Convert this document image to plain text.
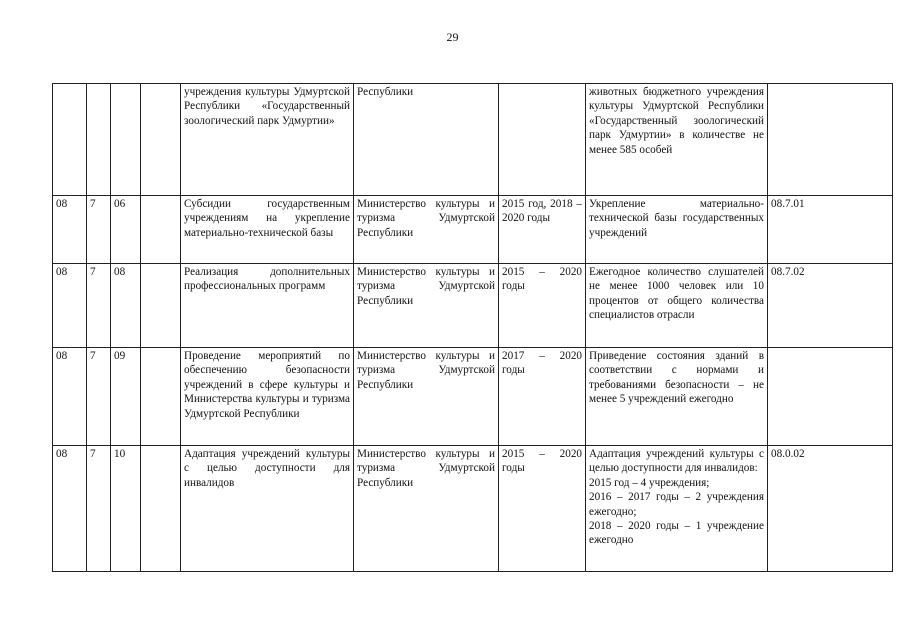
29
				учреждения культуры Удмуртской Республики «Государственный зоологический парк Удмуртии»	Республики		животных бюджетного учреждения культуры Удмуртской Республики «Государственный зоологический парк Удмуртии» в количестве не менее 585 особей	
08	7	06		Субсидии государственным учреждениям на укрепление материально-технической базы	Министерство культуры и туризма Удмуртской Республики	2015 год, 2018 – 2020 годы	Укрепление материально-технической базы государственных учреждений	08.7.01
08	7	08		Реализация дополнительных профессиональных программ	Министерство культуры и туризма Удмуртской Республики	2015 – 2020 годы	Ежегодное количество слушателей не менее 1000 человек или 10 процентов от общего количества специалистов отрасли	08.7.02
08	7	09		Проведение мероприятий по обеспечению безопасности учреждений в сфере культуры и Министерства культуры и туризма Удмуртской Республики	Министерство культуры и туризма Удмуртской Республики	2017 – 2020 годы	Приведение состояния зданий в соответствии с нормами и требованиями безопасности – не менее 5 учреждений ежегодно	
08	7	10		Адаптация учреждений культуры с целью доступности для инвалидов	Министерство культуры и туризма Удмуртской Республики	2015 – 2020 годы	Адаптация учреждений культуры с целью доступности для инвалидов:
2015 год – 4 учреждения;
2016 – 2017 годы – 2 учреждения ежегодно;
2018 – 2020 годы – 1 учреждение ежегодно	08.0.02
